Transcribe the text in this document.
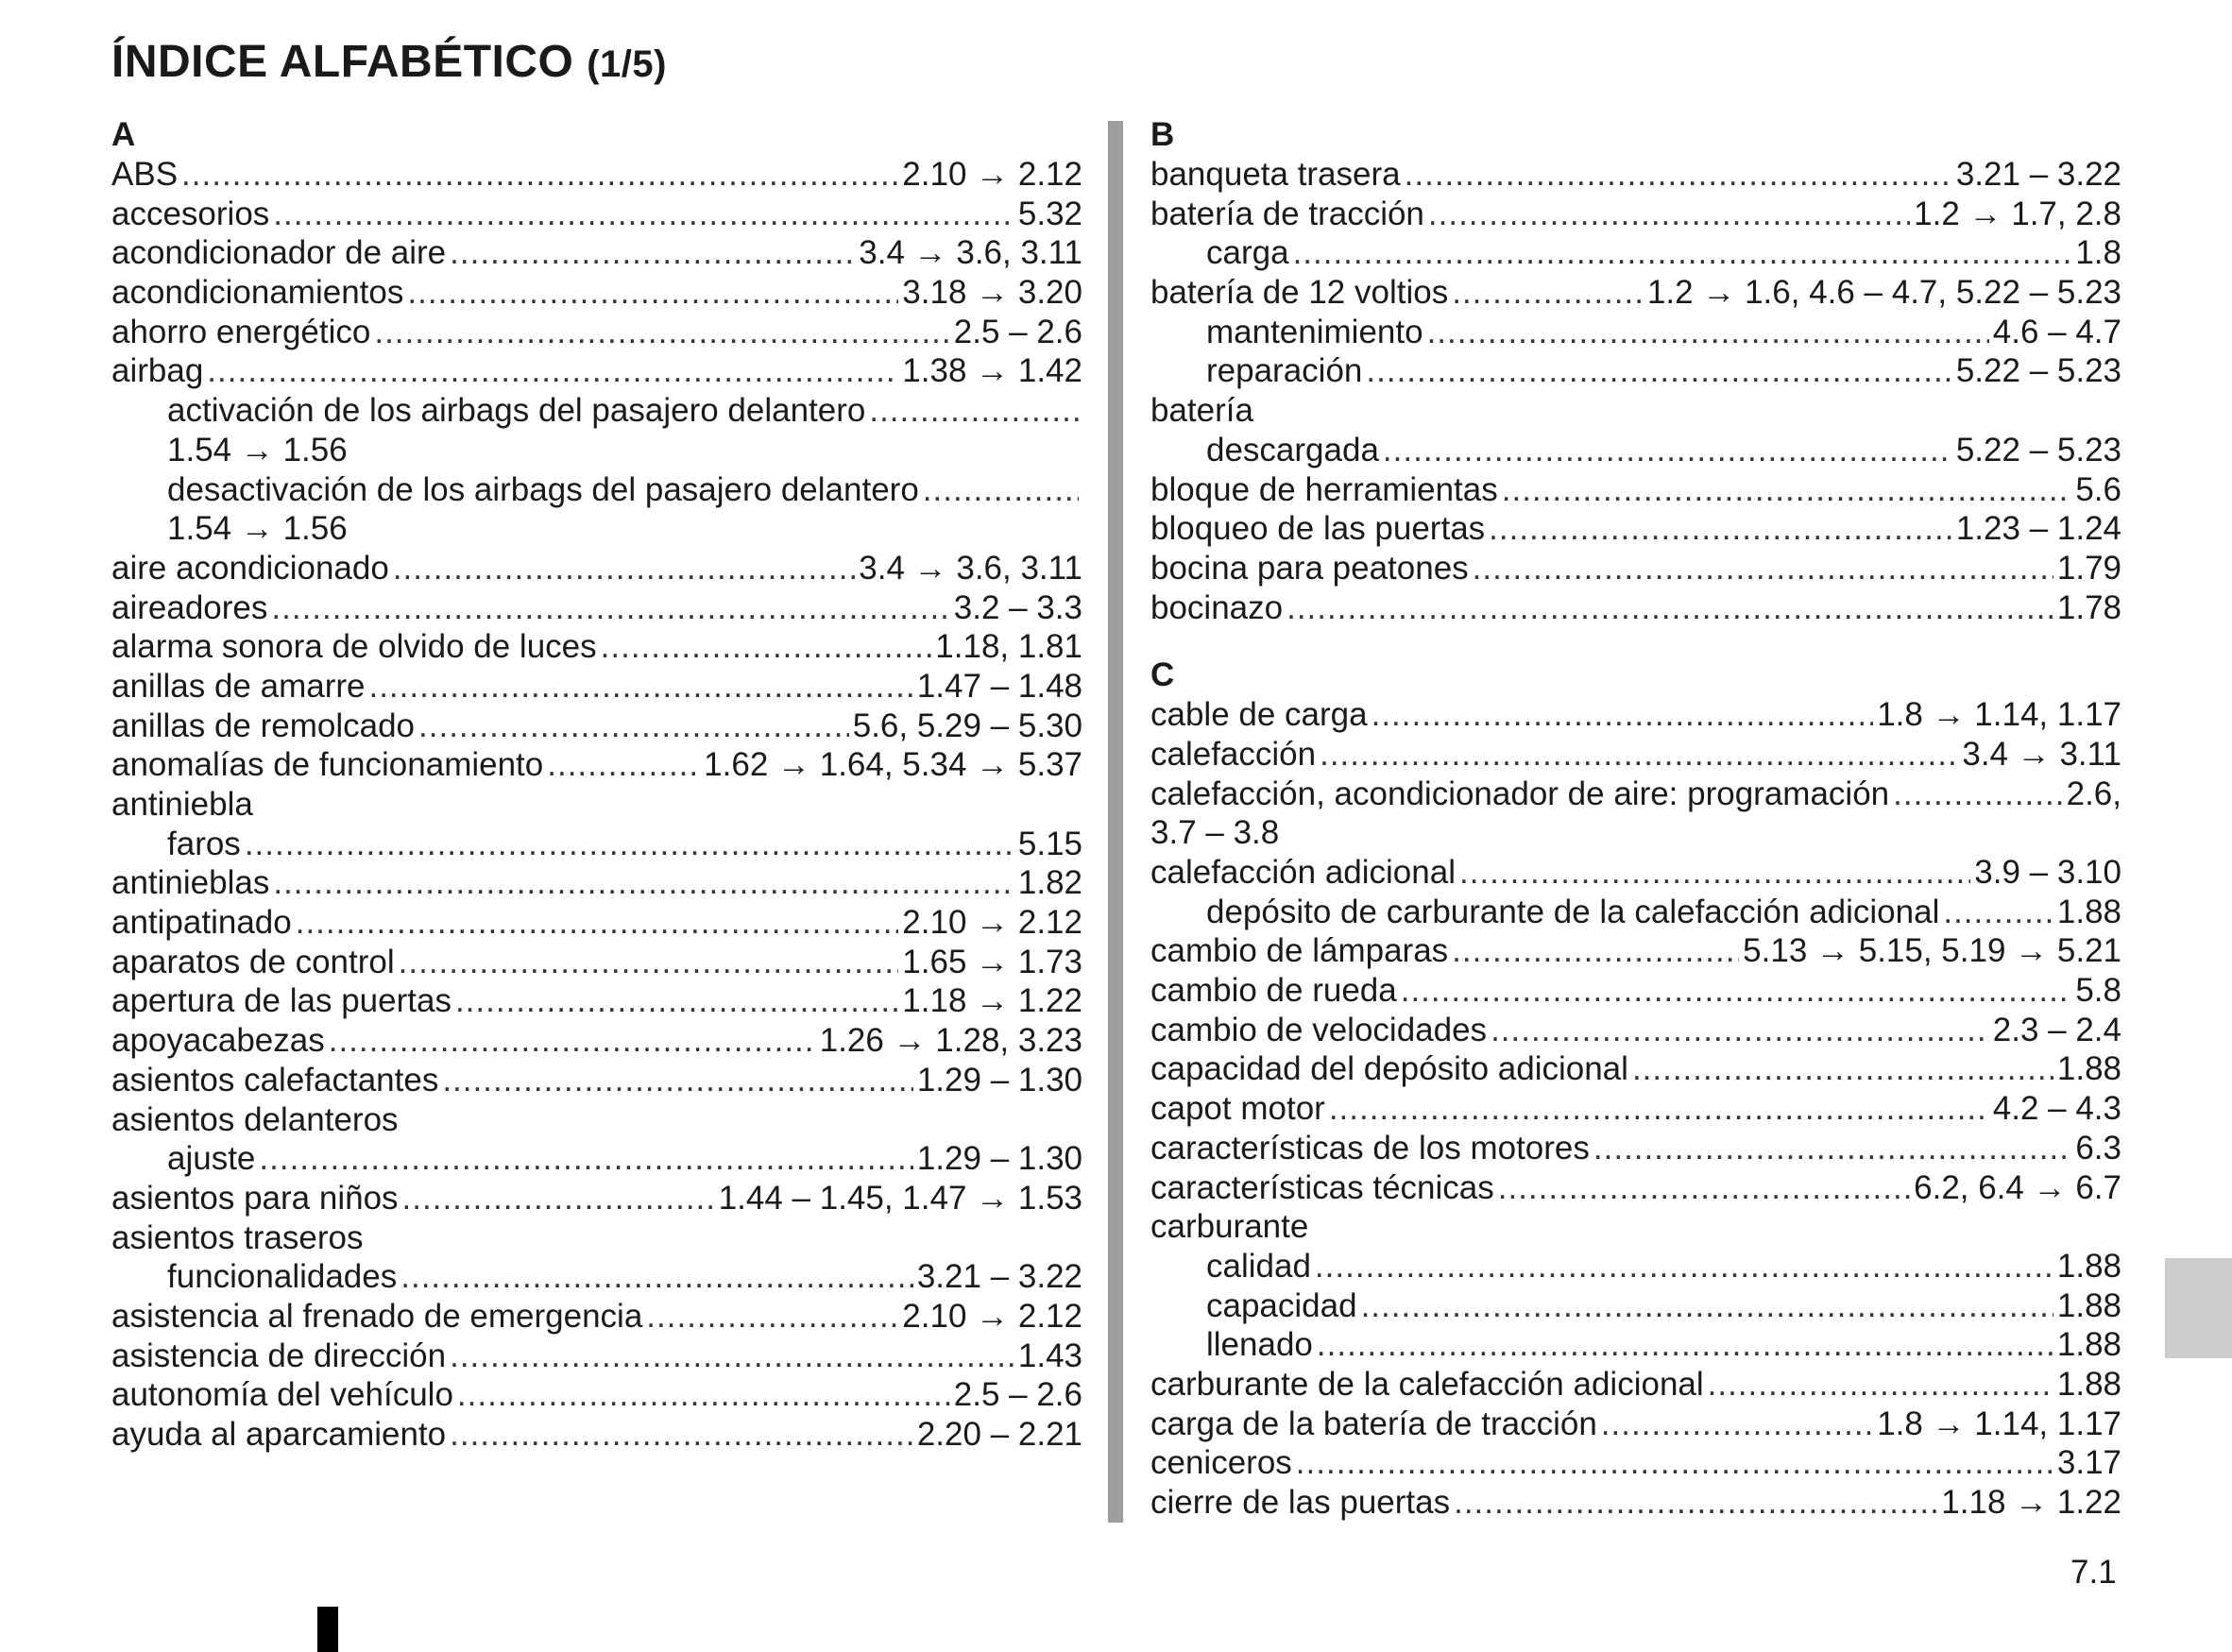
ÍNDICE ALFABÉTICO (1/5)
A
ABS .....	2.10 → 2.12
accesorios .....	5.32
acondicionador de aire .....	3.4 → 3.6, 3.11
acondicionamientos .....	3.18 → 3.20
ahorro energético .....	2.5 – 2.6
airbag .....	1.38 → 1.42
activación de los airbags del pasajero delantero
.....
1.54 → 1.56
desactivación de los airbags del pasajero delantero
.....
1.54 → 1.56
aire acondicionado .....	3.4 → 3.6, 3.11
aireadores .....	3.2 – 3.3
alarma sonora de olvido de luces .....	1.18, 1.81
anillas de amarre .....	1.47 – 1.48
anillas de remolcado .....	5.6, 5.29 – 5.30
anomalías de funcionamiento .....	1.62 → 1.64, 5.34 → 5.37
antiniebla
faros .....	5.15
antinieblas .....	1.82
antipatinado .....	2.10 → 2.12
aparatos de control .....	1.65 → 1.73
apertura de las puertas .....	1.18 → 1.22
apoyacabezas .....	1.26 → 1.28, 3.23
asientos calefactantes .....	1.29 – 1.30
asientos delanteros
ajuste .....	1.29 – 1.30
asientos para niños .....	1.44 – 1.45, 1.47 → 1.53
asientos traseros
funcionalidades .....	3.21 – 3.22
asistencia al frenado de emergencia .....	2.10 → 2.12
asistencia de dirección .....	1.43
autonomía del vehículo .....	2.5 – 2.6
ayuda al aparcamiento .....	2.20 – 2.21
B
banqueta trasera .....	3.21 – 3.22
batería de tracción .....	1.2 → 1.7, 2.8
carga .....	1.8
batería de 12 voltios .....	1.2 → 1.6, 4.6 – 4.7, 5.22 – 5.23
mantenimiento .....	4.6 – 4.7
reparación .....	5.22 – 5.23
batería
descargada .....	5.22 – 5.23
bloque de herramientas .....	5.6
bloqueo de las puertas .....	1.23 – 1.24
bocina para peatones .....	1.79
bocinazo .....	1.78
C
cable de carga .....	1.8 → 1.14, 1.17
calefacción .....	3.4 → 3.11
calefacción, acondicionador de aire: programación .....	2.6,
3.7 – 3.8
calefacción adicional .....	3.9 – 3.10
depósito de carburante de la calefacción adicional .....	1.88
cambio de lámparas .....	5.13 → 5.15, 5.19 → 5.21
cambio de rueda .....	5.8
cambio de velocidades .....	2.3 – 2.4
capacidad del depósito adicional .....	1.88
capot motor .....	4.2 – 4.3
características de los motores .....	6.3
características técnicas .....	6.2, 6.4 → 6.7
carburante
calidad .....	1.88
capacidad .....	1.88
llenado .....	1.88
carburante de la calefacción adicional .....	1.88
carga de la batería de tracción .....	1.8 → 1.14, 1.17
ceniceros .....	3.17
cierre de las puertas .....	1.18 → 1.22
7.1
